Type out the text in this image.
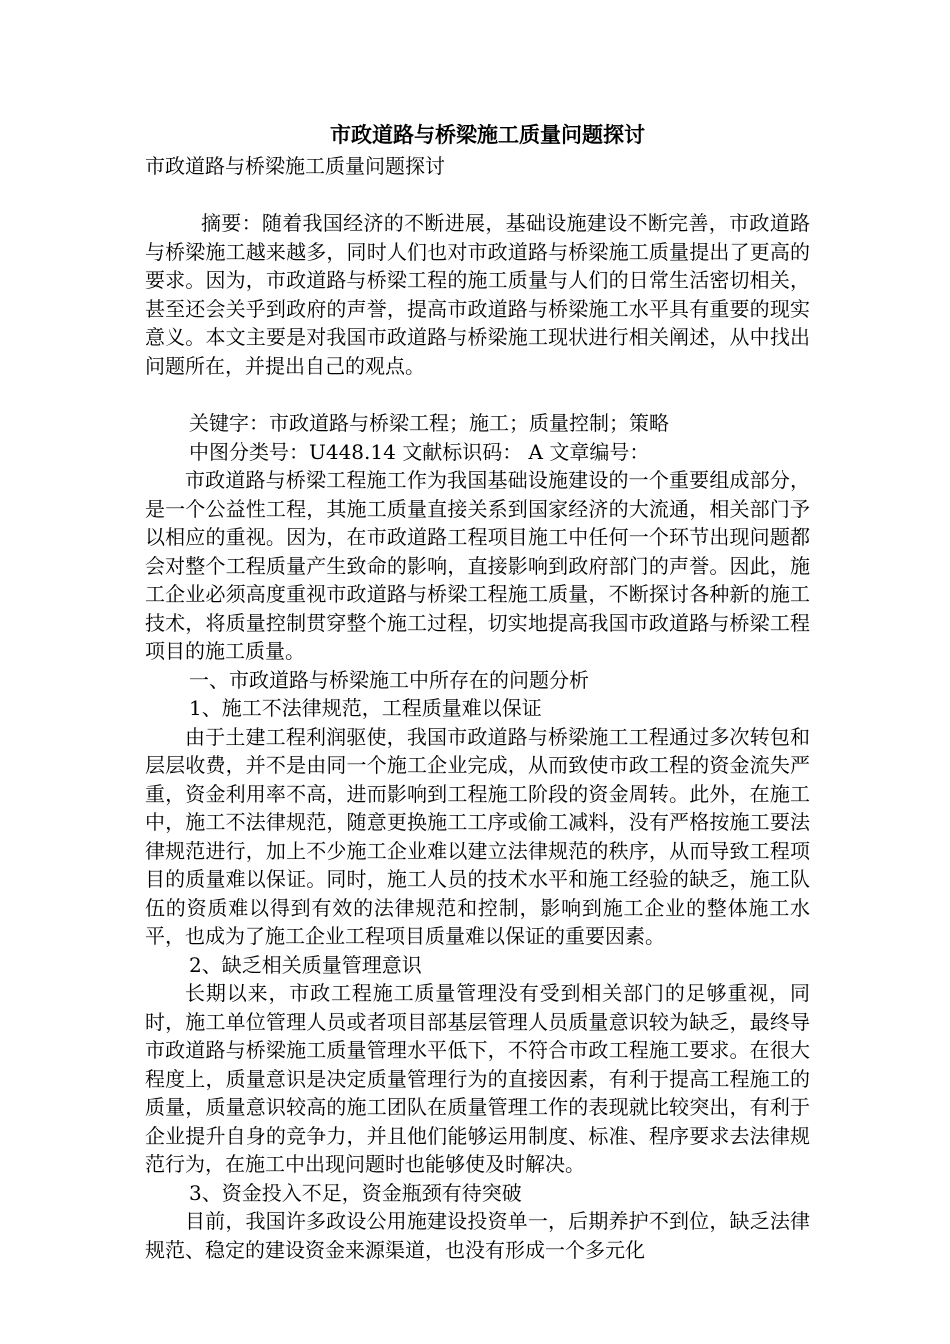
市政道路与桥梁施工质量问题探讨

市政道路与桥梁施工质量问题探讨

摘要：随着我国经济的不断进展，基础设施建设不断完善，市政道路与桥梁施工越来越多，同时人们也对市政道路与桥梁施工质量提出了更高的要求。因为，市政道路与桥梁工程的施工质量与人们的日常生活密切相关，甚至还会关乎到政府的声誉，提高市政道路与桥梁施工水平具有重要的现实意义。本文主要是对我国市政道路与桥梁施工现状进行相关阐述，从中找出问题所在，并提出自己的观点。

关键字：市政道路与桥梁工程；施工；质量控制；策略

中图分类号：U448.14 文献标识码： A 文章编号：

市政道路与桥梁工程施工作为我国基础设施建设的一个重要组成部分，是一个公益性工程，其施工质量直接关系到国家经济的大流通，相关部门予以相应的重视。因为，在市政道路工程项目施工中任何一个环节出现问题都会对整个工程质量产生致命的影响，直接影响到政府部门的声誉。因此，施工企业必须高度重视市政道路与桥梁工程施工质量，不断探讨各种新的施工技术，将质量控制贯穿整个施工过程，切实地提高我国市政道路与桥梁工程项目的施工质量。

一、市政道路与桥梁施工中所存在的问题分析

1、施工不法律规范，工程质量难以保证

由于土建工程利润驱使，我国市政道路与桥梁施工工程通过多次转包和层层收费，并不是由同一个施工企业完成，从而致使市政工程的资金流失严重，资金利用率不高，进而影响到工程施工阶段的资金周转。此外，在施工中，施工不法律规范，随意更换施工工序或偷工减料，没有严格按施工要法律规范进行，加上不少施工企业难以建立法律规范的秩序，从而导致工程项目的质量难以保证。同时，施工人员的技术水平和施工经验的缺乏，施工队伍的资质难以得到有效的法律规范和控制，影响到施工企业的整体施工水平，也成为了施工企业工程项目质量难以保证的重要因素。

2、缺乏相关质量管理意识

长期以来，市政工程施工质量管理没有受到相关部门的足够重视，同时，施工单位管理人员或者项目部基层管理人员质量意识较为缺乏，最终导市政道路与桥梁施工质量管理水平低下，不符合市政工程施工要求。在很大程度上，质量意识是决定质量管理行为的直接因素，有利于提高工程施工的质量，质量意识较高的施工团队在质量管理工作的表现就比较突出，有利于企业提升自身的竞争力，并且他们能够运用制度、标准、程序要求去法律规范行为，在施工中出现问题时也能够使及时解决。

3、资金投入不足，资金瓶颈有待突破

目前，我国许多政设公用施建设投资单一，后期养护不到位，缺乏法律规范、稳定的建设资金来源渠道，也没有形成一个多元化
